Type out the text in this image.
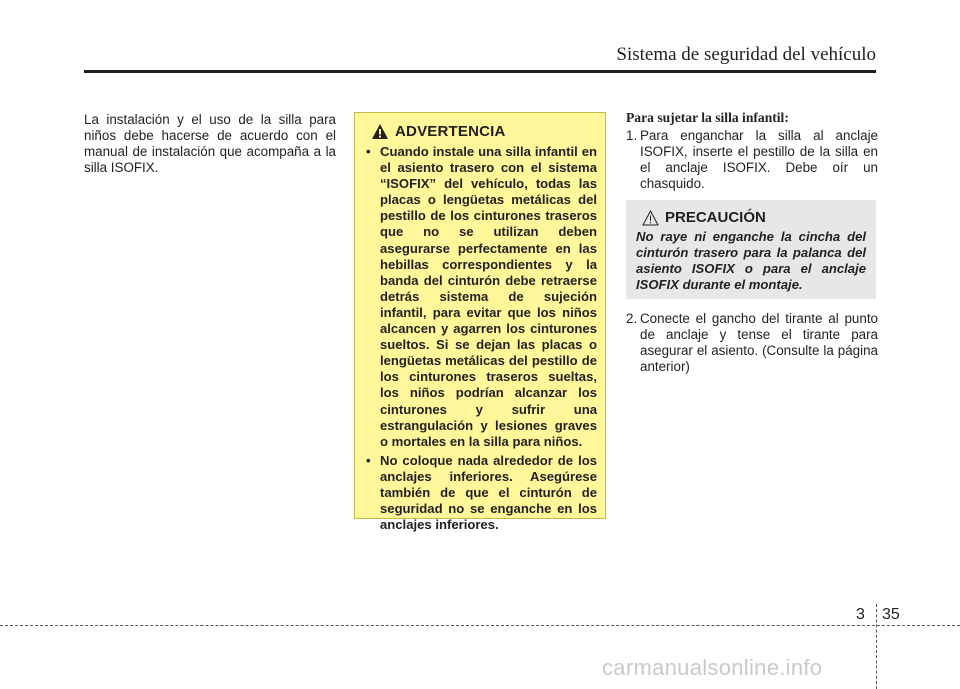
Sistema de seguridad del vehículo

La instalación y el uso de la silla para niños debe hacerse de acuerdo con el manual de instalación que acompaña a la silla ISOFIX.

ADVERTENCIA
• Cuando instale una silla infantil en el asiento trasero con el sistema “ISOFIX” del vehículo, todas las placas o lengüetas metálicas del pestillo de los cinturones traseros que no se utilizan deben asegurarse perfectamente en las hebillas correspondientes y la banda del cinturón debe retraerse detrás sistema de sujeción infantil, para evitar que los niños alcancen y agarren los cinturones sueltos. Si se dejan las placas o lengüetas metálicas del pestillo de los cinturones traseros sueltas, los niños podrían alcanzar los cinturones y sufrir una estrangulación y lesiones graves o mortales en la silla para niños.
• No coloque nada alrededor de los anclajes inferiores. Asegúrese también de que el cinturón de seguridad no se enganche en los anclajes inferiores.

Para sujetar la silla infantil:

1. Para enganchar la silla al anclaje ISOFIX, inserte el pestillo de la silla en el anclaje ISOFIX. Debe oír un chasquido.

PRECAUCIÓN

No raye ni enganche la cincha del cinturón trasero para la palanca del asiento ISOFIX o para el anclaje ISOFIX durante el montaje.

2. Conecte el gancho del tirante al punto de anclaje y tense el tirante para asegurar el asiento. (Consulte la página anterior)

3 35
carmanualsonline.info
